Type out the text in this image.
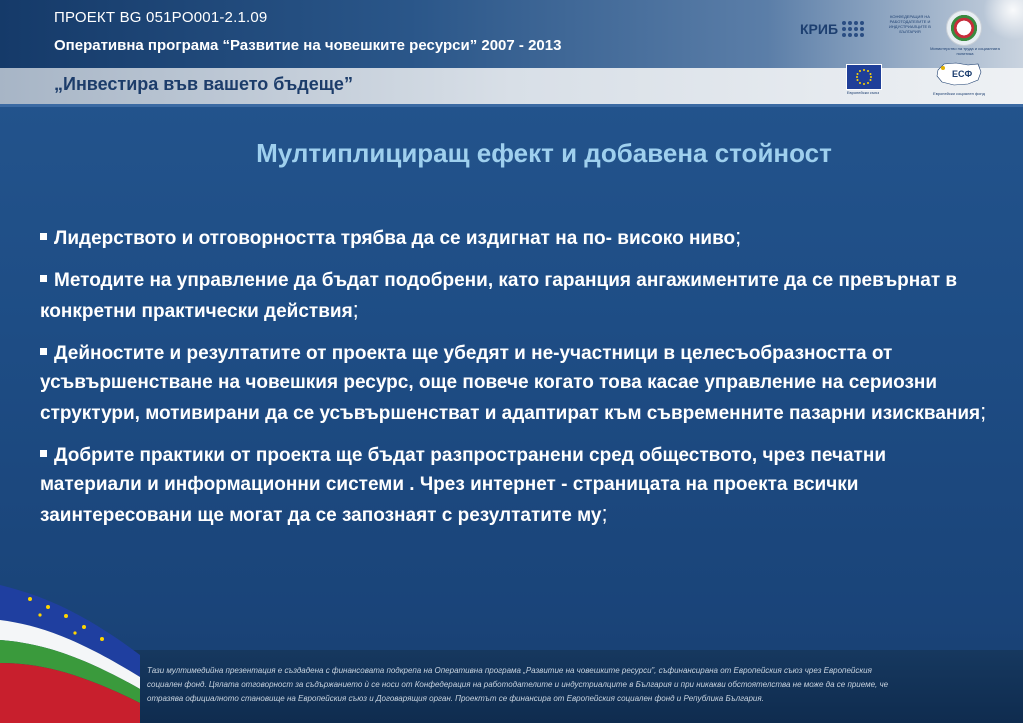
ПРОЕКТ BG 051PO001-2.1.09
Оперативна програма “Развитие на човешките ресурси” 2007 - 2013
„Инвестира във вашето бъдеще”
КРИБ
КОНФЕДЕРАЦИЯ НА РАБОТОДАТЕЛИТЕ И ИНДУСТРИАЛЦИТЕ В БЪЛГАРИЯ
Министерство на труда и социалната политика
Европейски съюз
ЕСФ
Европейски социален фонд
Мултиплициращ ефект и добавена стойност
Лидерството и отговорността трябва да се издигнат на по- високо ниво;
Методите на управление да бъдат подобрени, като гаранция ангажиментите да се превърнат в конкретни практически действия;
Дейностите и резултатите от проекта ще убедят и не-участници в целесъобразността от усъвършенстване на човешкия ресурс, още повече когато това касае управление на сериозни структури, мотивирани да се усъвършенстват и адаптират към съвременните пазарни изисквания;
Добрите практики от проекта ще бъдат разпространени сред обществото, чрез печатни материали и информационни системи . Чрез интернет - страницата на проекта всички заинтересовани ще могат да се запознаят с резултатите му;
Тази мултимедийна презентация е създадена с финансовата подкрепа на Оперативна програма „Развитие на човешките ресурси”, съфинансирана от Европейския съюз чрез Европейския социален фонд. Цялата отговорност за съдържанието ѝ се носи от Конфедерация на работодателите и индустриалците в България и при никакви обстоятелства не може да се приеме, че отразява официалното становище на Европейския съюз и Договарящия орган. Проектът се финансира от Европейския социален фонд и Република България.
